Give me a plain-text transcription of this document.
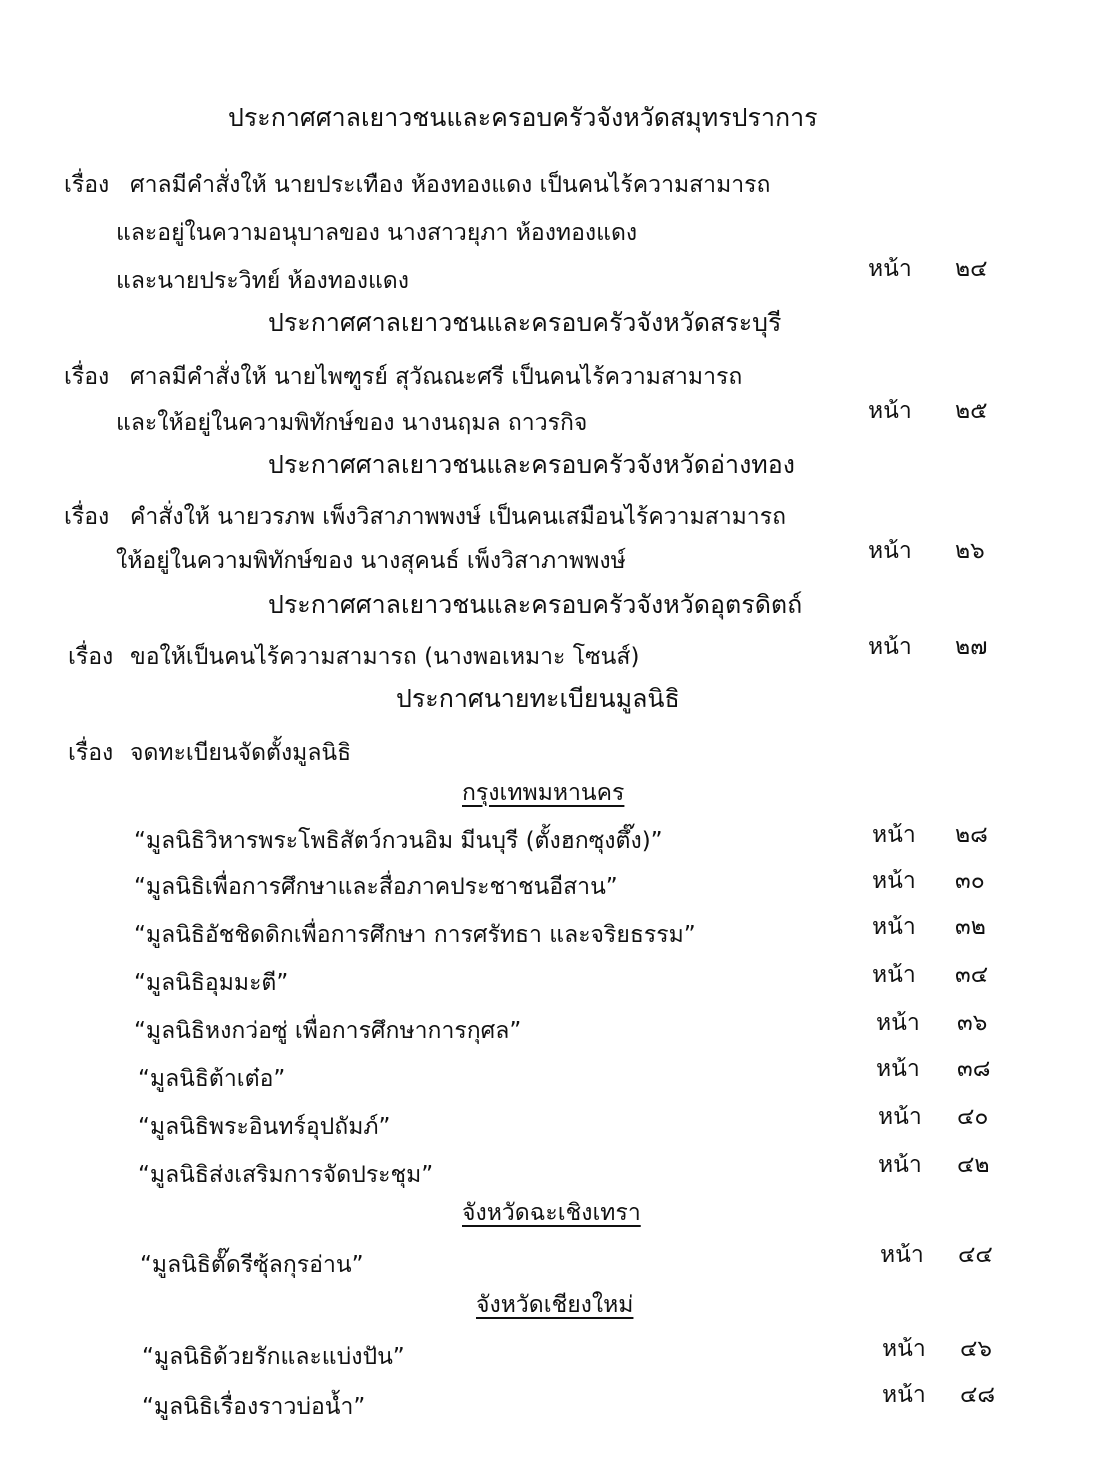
ประกาศศาลเยาวชนและครอบครัวจังหวัดสมุทรปราการ
เรื่อง ศาลมีคำสั่งให้ นายประเทือง ห้องทองแดง เป็นคนไร้ความสามารถ
และอยู่ในความอนุบาลของ นางสาวยุภา ห้องทองแดง
และนายประวิทย์ ห้องทองแดง	หน้า ๒๔
ประกาศศาลเยาวชนและครอบครัวจังหวัดสระบุรี
เรื่อง ศาลมีคำสั่งให้ นายไพฑูรย์ สุวัณณะศรี เป็นคนไร้ความสามารถ
และให้อยู่ในความพิทักษ์ของ นางนฤมล ถาวรกิจ	หน้า ๒๕
ประกาศศาลเยาวชนและครอบครัวจังหวัดอ่างทอง
เรื่อง คำสั่งให้ นายวรภพ เพ็งวิสาภาพพงษ์ เป็นคนเสมือนไร้ความสามารถ
ให้อยู่ในความพิทักษ์ของ นางสุคนธ์ เพ็งวิสาภาพพงษ์	หน้า ๒๖
ประกาศศาลเยาวชนและครอบครัวจังหวัดอุตรดิตถ์
เรื่อง ขอให้เป็นคนไร้ความสามารถ (นางพอเหมาะ โซนส์)	หน้า ๒๗
ประกาศนายทะเบียนมูลนิธิ
เรื่อง จดทะเบียนจัดตั้งมูลนิธิ
กรุงเทพมหานคร
“มูลนิธิวิหารพระโพธิสัตว์กวนอิม มีนบุรี (ตั้งฮกซุงตึ๊ง)”	หน้า ๒๘
“มูลนิธิเพื่อการศึกษาและสื่อภาคประชาชนอีสาน”	หน้า ๓๐
“มูลนิธิอัชชิดดิกเพื่อการศึกษา การศรัทธา และจริยธรรม”	หน้า ๓๒
“มูลนิธิอุมมะตี”	หน้า ๓๔
“มูลนิธิหงกว่อซู่ เพื่อการศึกษาการกุศล”	หน้า ๓๖
“มูลนิธิต้าเต๋อ”	หน้า ๓๘
“มูลนิธิพระอินทร์อุปถัมภ์”	หน้า ๔๐
“มูลนิธิส่งเสริมการจัดประชุม”	หน้า ๔๒
จังหวัดฉะเชิงเทรา
“มูลนิธิตั๊ดรีซุ้ลกุรอ่าน”	หน้า ๔๔
จังหวัดเชียงใหม่
“มูลนิธิด้วยรักและแบ่งปัน”	หน้า ๔๖
“มูลนิธิเรื่องราวบ่อน้ำ”	หน้า ๔๘
